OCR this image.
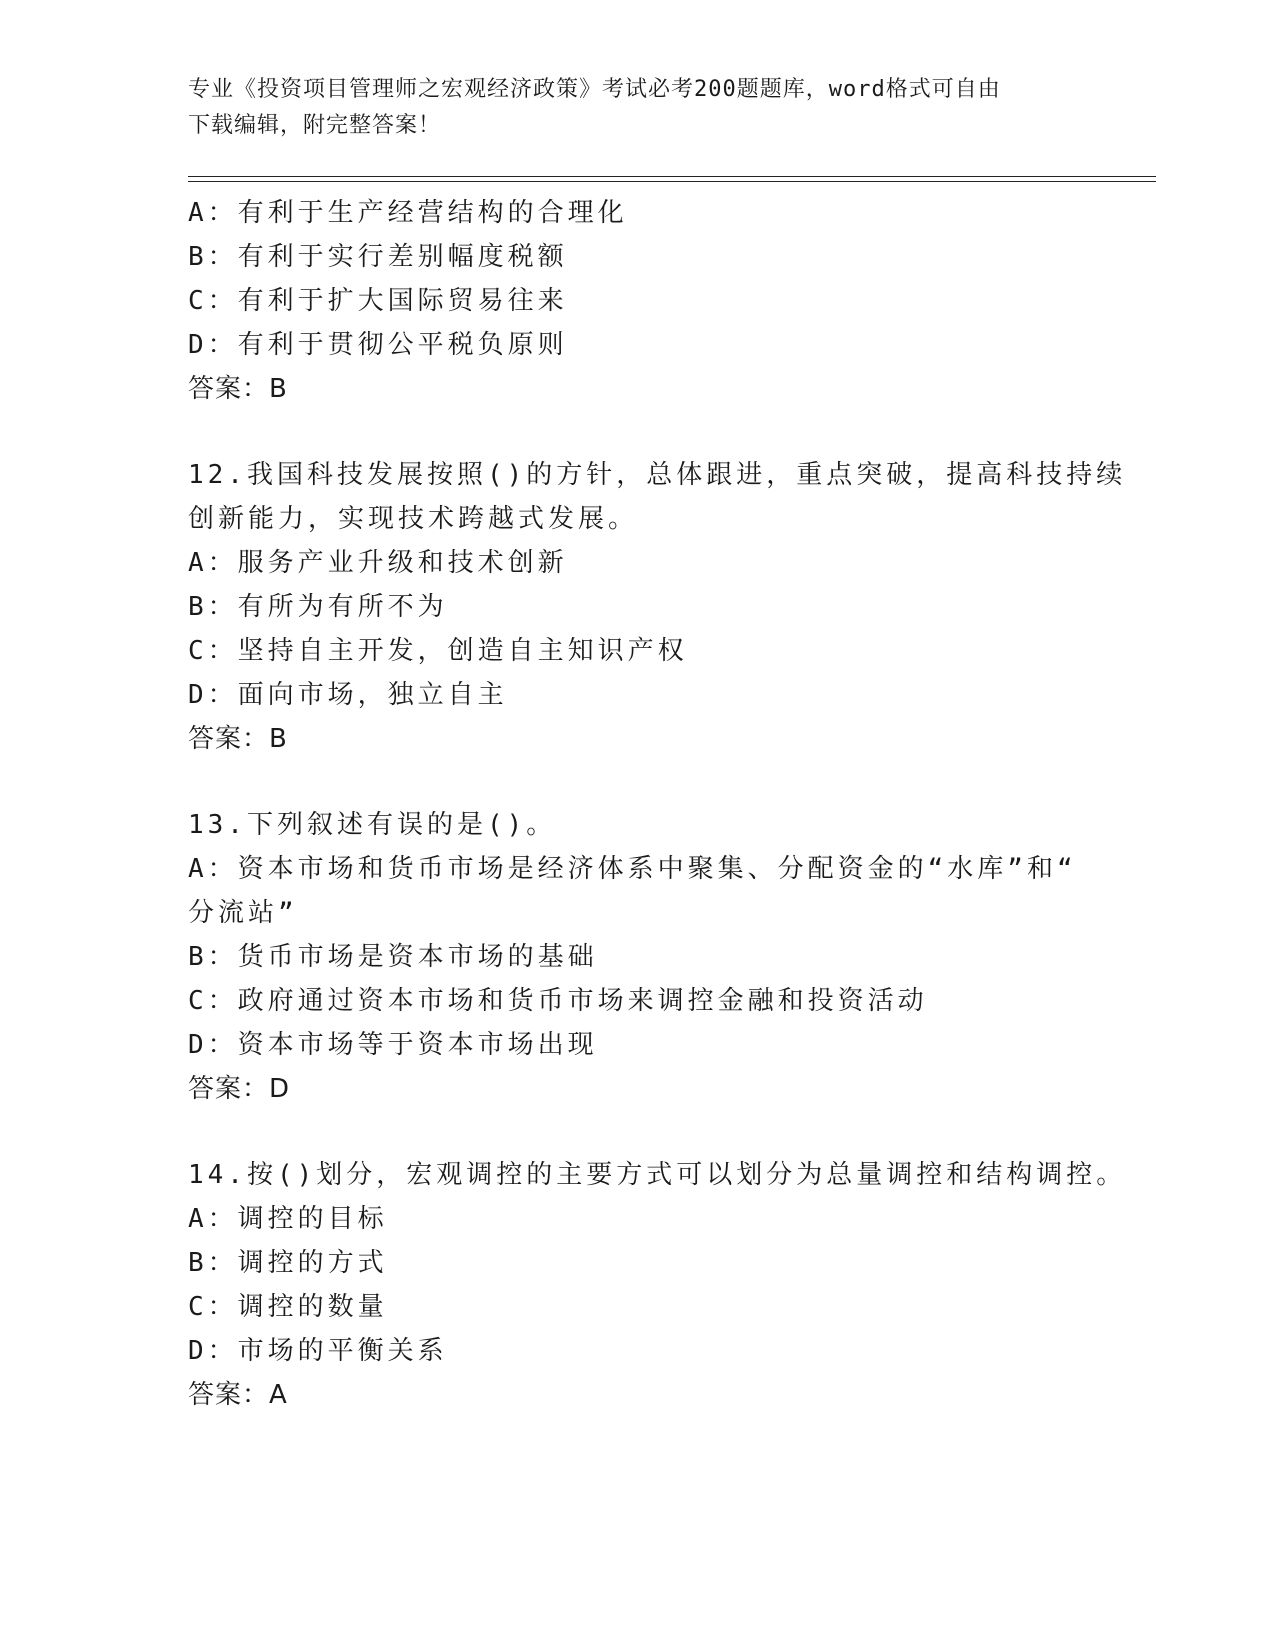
专业《投资项目管理师之宏观经济政策》考试必考200题题库，word格式可自由
下载编辑，附完整答案！
A：有利于生产经营结构的合理化
B：有利于实行差别幅度税额
C：有利于扩大国际贸易往来
D：有利于贯彻公平税负原则
答案：B
12.我国科技发展按照()的方针，总体跟进，重点突破，提高科技持续
创新能力，实现技术跨越式发展。
A：服务产业升级和技术创新
B：有所为有所不为
C：坚持自主开发，创造自主知识产权
D：面向市场，独立自主
答案：B
13.下列叙述有误的是()。
A：资本市场和货币市场是经济体系中聚集、分配资金的“水库”和“
分流站”
B：货币市场是资本市场的基础
C：政府通过资本市场和货币市场来调控金融和投资活动
D：资本市场等于资本市场出现
答案：D
14.按()划分，宏观调控的主要方式可以划分为总量调控和结构调控。
A：调控的目标
B：调控的方式
C：调控的数量
D：市场的平衡关系
答案：A
